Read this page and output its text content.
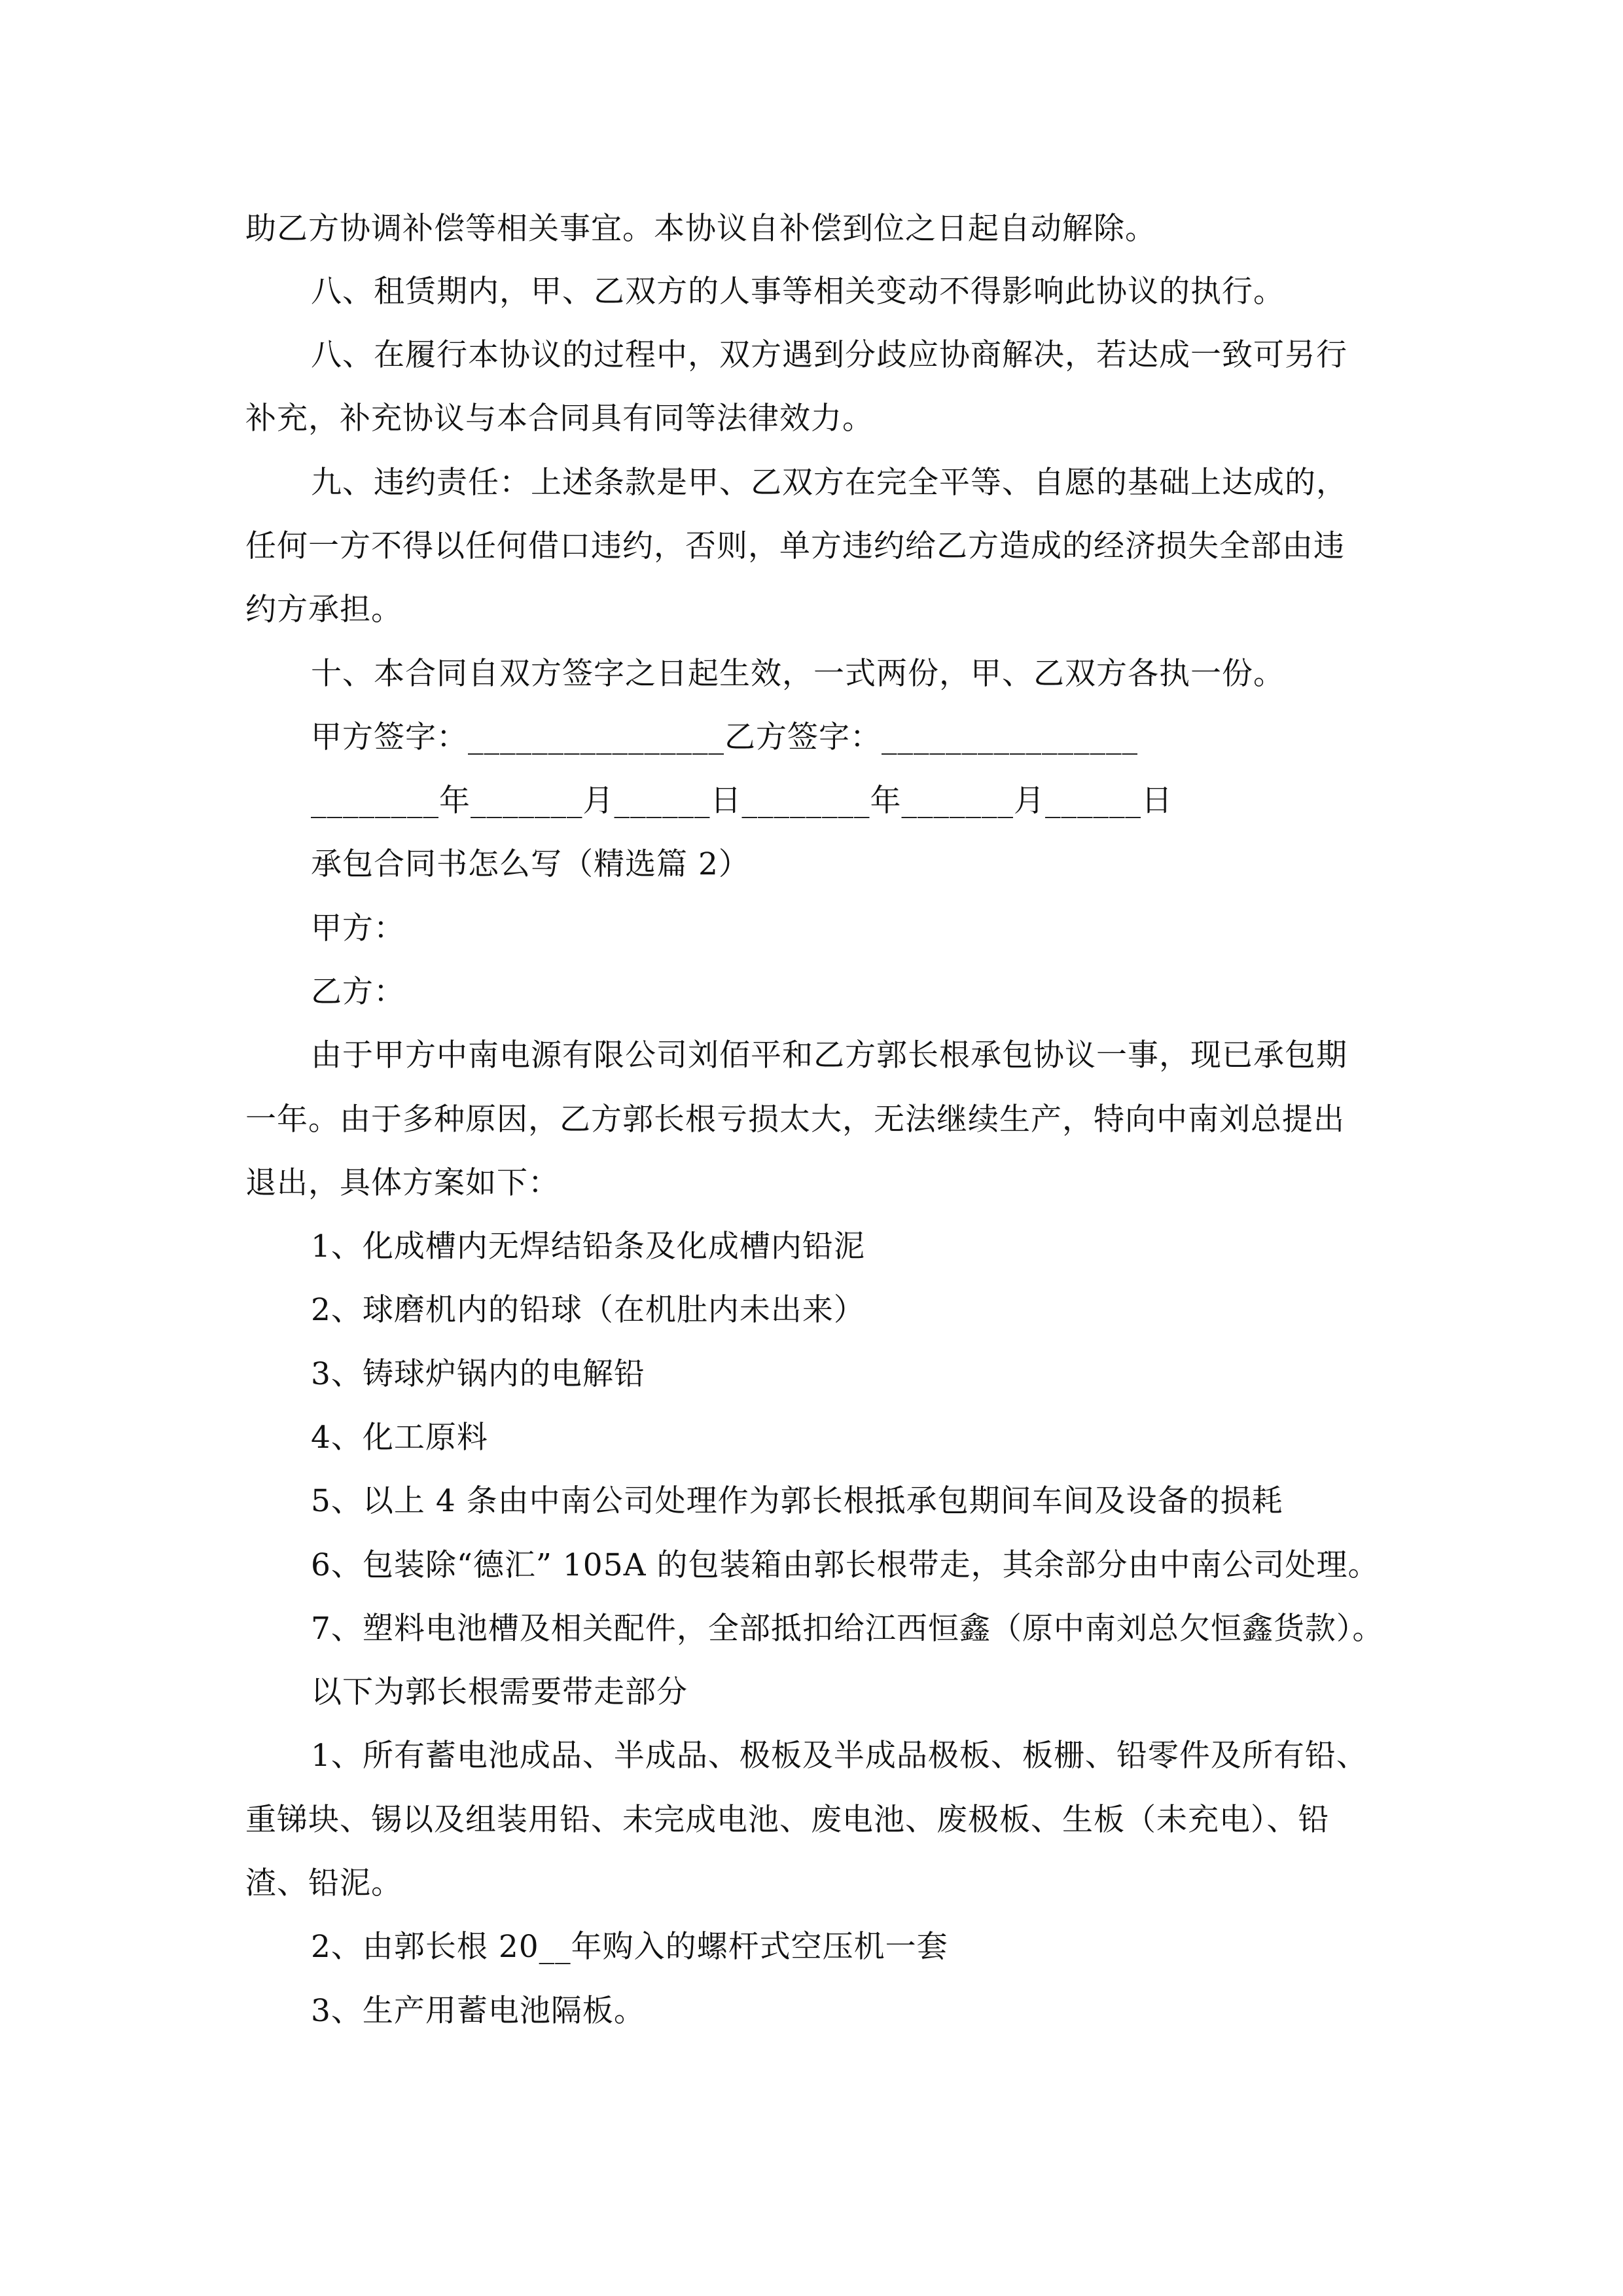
助乙方协调补偿等相关事宜。本协议自补偿到位之日起自动解除。
八、租赁期内，甲、乙双方的人事等相关变动不得影响此协议的执行。
八、在履行本协议的过程中，双方遇到分歧应协商解决，若达成一致可另行
补充，补充协议与本合同具有同等法律效力。
九、违约责任：上述条款是甲、乙双方在完全平等、自愿的基础上达成的，
任何一方不得以任何借口违约，否则，单方违约给乙方造成的经济损失全部由违
约方承担。
十、本合同自双方签字之日起生效，一式两份，甲、乙双方各执一份。
甲方签字：________________乙方签字：________________
________年_______月______日________年_______月______日
承包合同书怎么写（精选篇 2）
甲方：
乙方：
由于甲方中南电源有限公司刘佰平和乙方郭长根承包协议一事，现已承包期
一年。由于多种原因，乙方郭长根亏损太大，无法继续生产，特向中南刘总提出
退出，具体方案如下：
1、化成槽内无焊结铅条及化成槽内铅泥
2、球磨机内的铅球（在机肚内未出来）
3、铸球炉锅内的电解铅
4、化工原料
5、以上 4 条由中南公司处理作为郭长根抵承包期间车间及设备的损耗
6、包装除“德汇” 105A 的包装箱由郭长根带走，其余部分由中南公司处理。
7、塑料电池槽及相关配件，全部抵扣给江西恒鑫（原中南刘总欠恒鑫货款）。
以下为郭长根需要带走部分
1、所有蓄电池成品、半成品、极板及半成品极板、板栅、铅零件及所有铅、
重锑块、锡以及组装用铅、未完成电池、废电池、废极板、生板（未充电）、铅
渣、铅泥。
2、由郭长根 20__年购入的螺杆式空压机一套
3、生产用蓄电池隔板。
